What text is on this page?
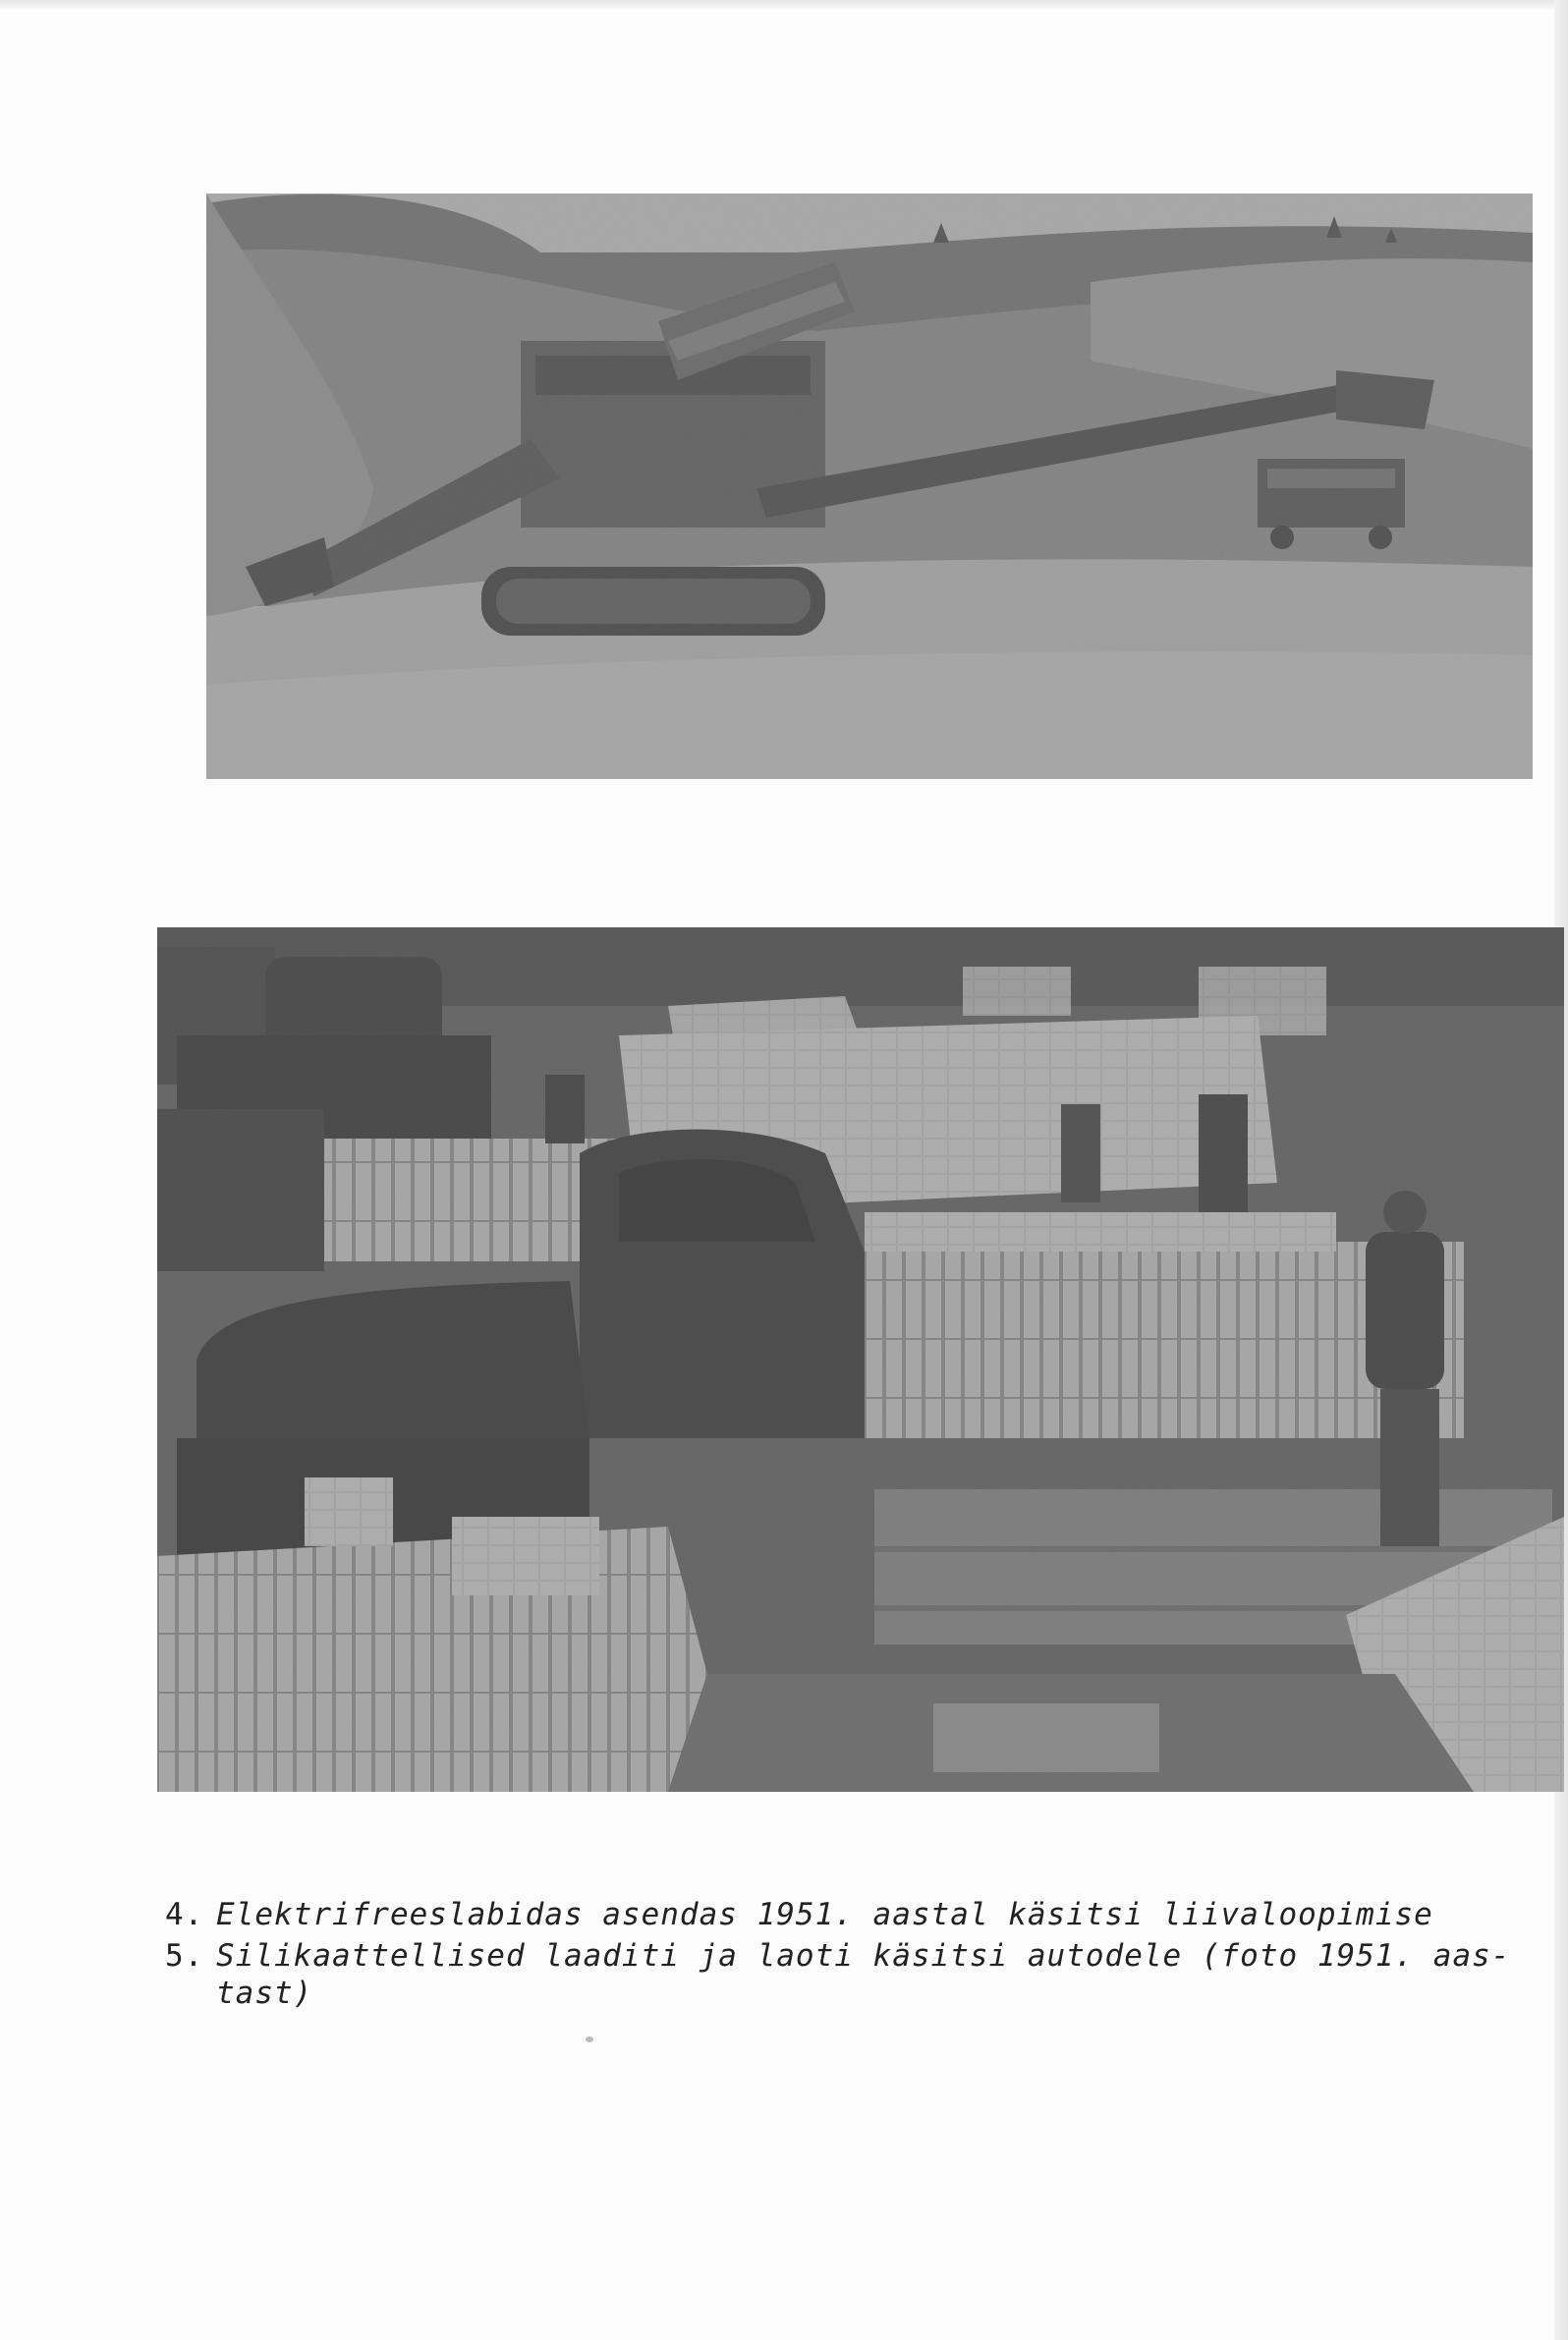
4. Elektrifreeslabidas asendas 1951. aastal käsitsi liivaloopimise
5. Silikaattellised laaditi ja laoti käsitsi autodele (foto 1951. aas-
tast)
